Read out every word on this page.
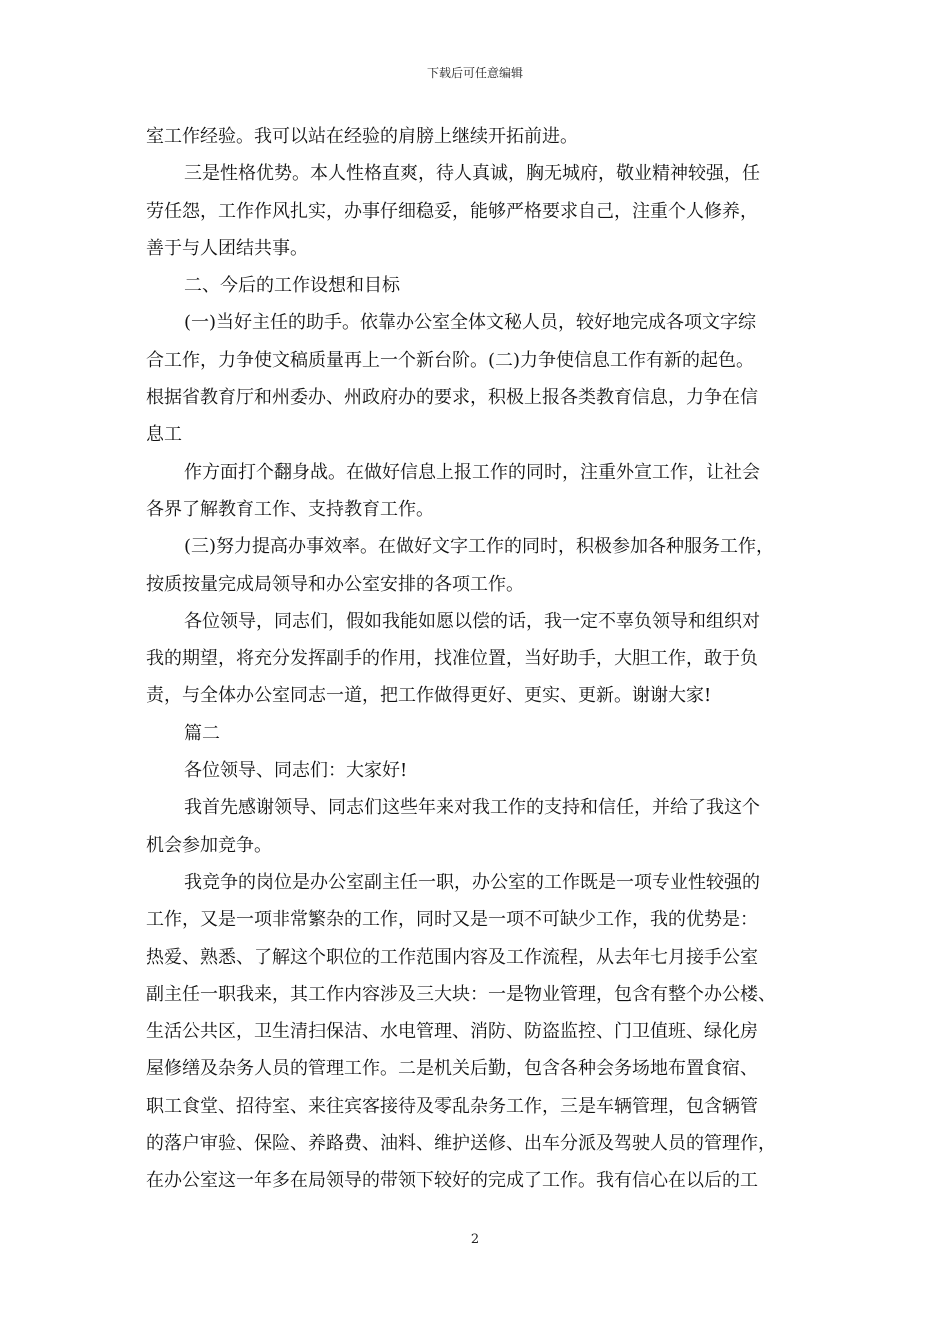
下载后可任意编辑
室工作经验。我可以站在经验的肩膀上继续开拓前进。
三是性格优势。本人性格直爽，待人真诚，胸无城府，敬业精神较强，任
劳任怨，工作作风扎实，办事仔细稳妥，能够严格要求自己，注重个人修养，
善于与人团结共事。
二、今后的工作设想和目标
(一)当好主任的助手。依靠办公室全体文秘人员，较好地完成各项文字综
合工作，力争使文稿质量再上一个新台阶。(二)力争使信息工作有新的起色。
根据省教育厅和州委办、州政府办的要求，积极上报各类教育信息，力争在信
息工
作方面打个翻身战。在做好信息上报工作的同时，注重外宣工作，让社会
各界了解教育工作、支持教育工作。
(三)努力提高办事效率。在做好文字工作的同时，积极参加各种服务工作，
按质按量完成局领导和办公室安排的各项工作。
各位领导，同志们，假如我能如愿以偿的话，我一定不辜负领导和组织对
我的期望，将充分发挥副手的作用，找准位置，当好助手，大胆工作，敢于负
责，与全体办公室同志一道，把工作做得更好、更实、更新。谢谢大家!
篇二
各位领导、同志们：大家好!
我首先感谢领导、同志们这些年来对我工作的支持和信任，并给了我这个
机会参加竞争。
我竞争的岗位是办公室副主任一职，办公室的工作既是一项专业性较强的
工作，又是一项非常繁杂的工作，同时又是一项不可缺少工作，我的优势是：
热爱、熟悉、了解这个职位的工作范围内容及工作流程，从去年七月接手公室
副主任一职我来，其工作内容涉及三大块：一是物业管理，包含有整个办公楼、
生活公共区，卫生清扫保洁、水电管理、消防、防盗监控、门卫值班、绿化房
屋修缮及杂务人员的管理工作。二是机关后勤，包含各种会务场地布置食宿、
职工食堂、招待室、来往宾客接待及零乱杂务工作，三是车辆管理，包含辆管
的落户审验、保险、养路费、油料、维护送修、出车分派及驾驶人员的管理作，
在办公室这一年多在局领导的带领下较好的完成了工作。我有信心在以后的工
2
